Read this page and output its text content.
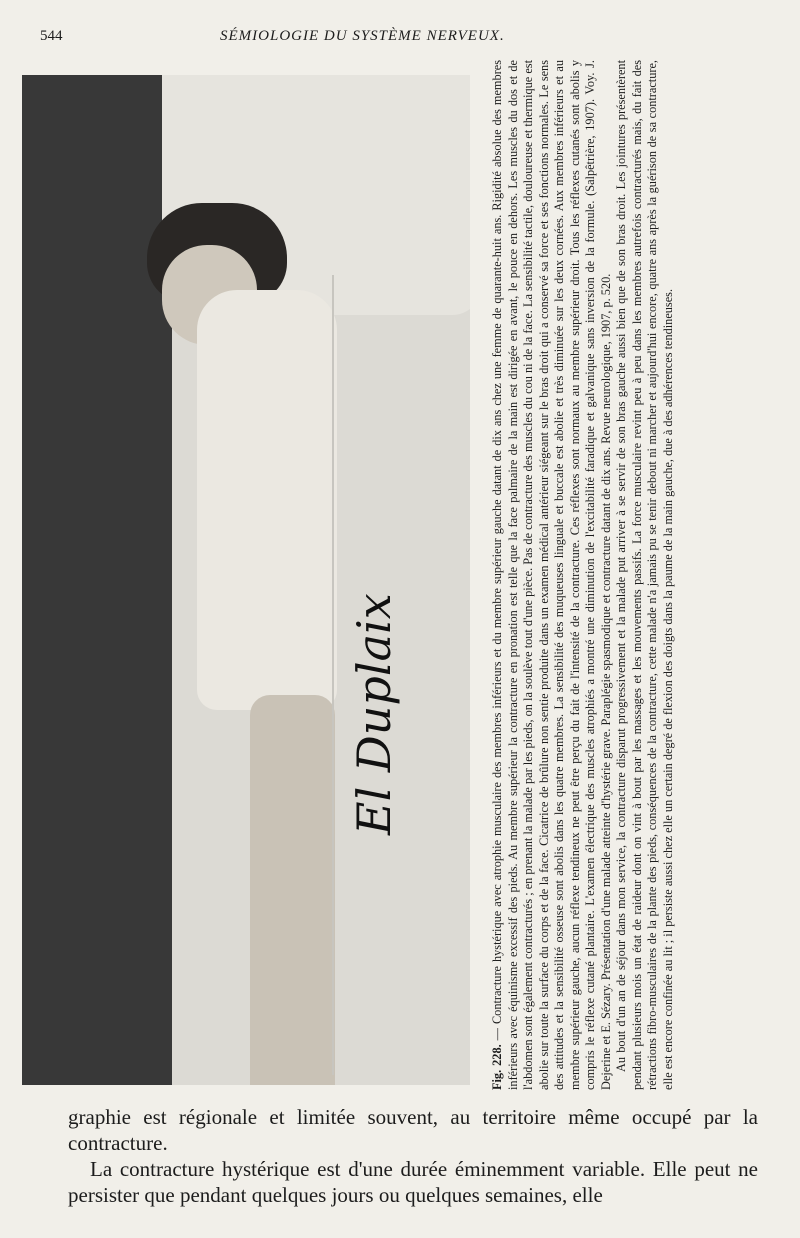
544	SÉMIOLOGIE DU SYSTÈME NERVEUX.
El Duplaix

Fig. 228. — Contracture hystérique avec atrophie musculaire des membres inférieurs et du membre supérieur gauche datant de dix ans chez une femme de quarante-huit ans. Rigidité absolue des membres inférieurs avec équinisme excessif des pieds. Au membre supérieur la contracture en pronation est telle que la face palmaire de la main est dirigée en avant, le pouce en dehors. Les muscles du dos et de l'abdomen sont également contracturés ; en prenant la malade par les pieds, on la soulève tout d'une pièce. Pas de contracture des muscles du cou ni de la face. La sensibilité tactile, douloureuse et thermique est abolie sur toute la surface du corps et de la face. Cicatrice de brûlure non sentie produite dans un examen médical antérieur siégeant sur le bras droit qui a conservé sa force et ses fonctions normales. Le sens des attitudes et la sensibilité osseuse sont abolis dans les quatre membres. La sensibilité des muqueuses linguale et buccale est abolie et très diminuée sur les deux cornées. Aux membres inférieurs et au membre supérieur gauche, aucun réflexe tendineux ne peut être perçu du fait de l'intensité de la contracture. Ces réflexes sont normaux au membre supérieur droit. Tous les réflexes cutanés sont abolis y compris le réflexe cutané plantaire. L'examen électrique des muscles atrophiés a montré une diminution de l'excitabilité faradique et galvanique sans inversion de la formule. (Salpêtrière, 1907). Voy. J. Dejerine et E. Sézary. Présentation d'une malade atteinte d'hystérie grave. Paraplégie spasmodique et contracture datant de dix ans. Revue neurologique, 1907, p. 520. Au bout d'un an de séjour dans mon service, la contracture disparut progressivement et la malade put arriver à se servir de son bras gauche aussi bien que de son bras droit. Les jointures présentèrent pendant plusieurs mois un état de raideur dont on vint à bout par les massages et les mouvements passifs. La force musculaire revint peu à peu dans les membres autrefois contracturés mais, du fait des rétractions fibro-musculaires de la plante des pieds, conséquences de la contracture, cette malade n'a jamais pu se tenir debout ni marcher et aujourd'hui encore, quatre ans après la guérison de sa contracture, elle est encore confinée au lit ; il persiste aussi chez elle un certain degré de flexion des doigts dans la paume de la main gauche, due à des adhérences tendineuses.

graphie est régionale et limitée souvent, au territoire même occupé par la contracture.

La contracture hystérique est d'une durée éminemment variable. Elle peut ne persister que pendant quelques jours ou quelques semaines, elle
